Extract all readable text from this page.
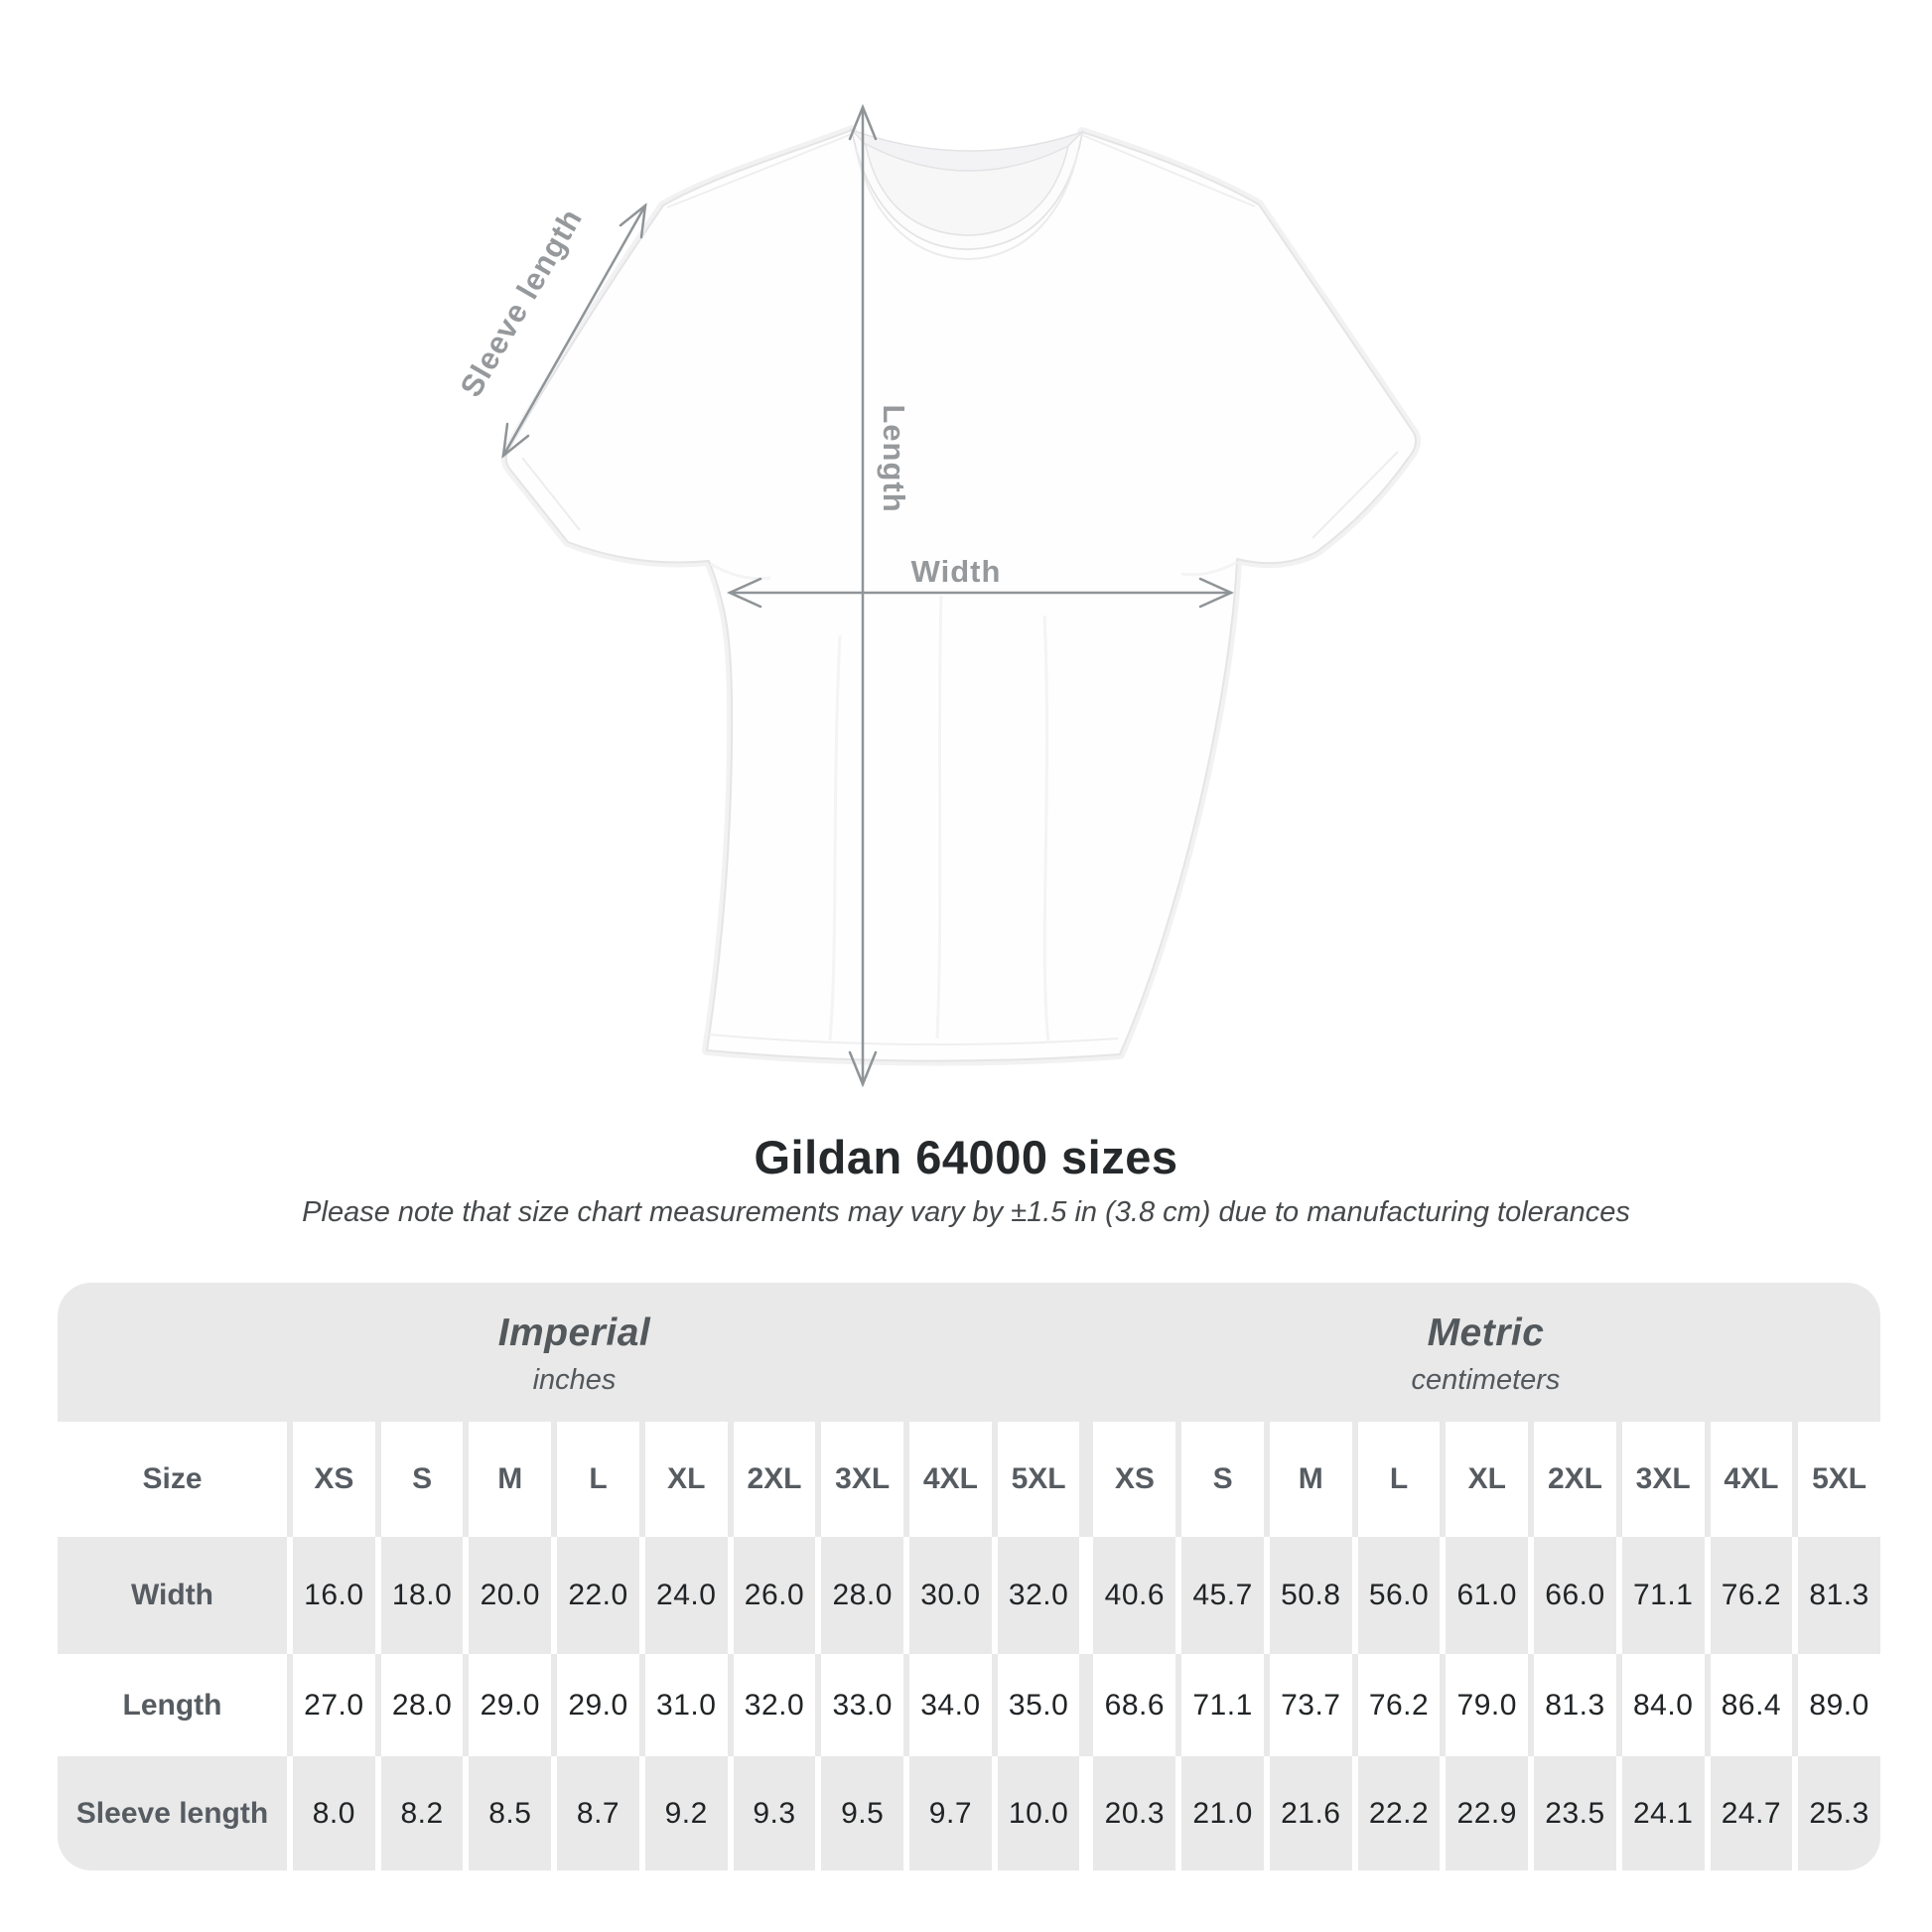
Sleeve length
Length
Width
Gildan 64000 sizes

Please note that size chart measurements may vary by ±1.5 in (3.8 cm) due to manufacturing tolerances

Imperial
inches
Metric
centimeters
Size	XS	S	M	L	XL	2XL	3XL	4XL	5XL	XS	S	M	L	XL	2XL	3XL	4XL	5XL
Width	16.0 18.0 20.0 22.0 24.0 26.0 28.0 30.0 32.0	40.6 45.7 50.8 56.0 61.0 66.0 71.1 76.2 81.3
Length	27.0 28.0 29.0 29.0 31.0 32.0 33.0 34.0 35.0	68.6 71.1 73.7 76.2 79.0 81.3 84.0 86.4 89.0
Sleeve length	8.0	8.2	8.5	8.7	9.2	9.3	9.5	9.7	10.0	20.3 21.0 21.6 22.2 22.9 23.5 24.1 24.7 25.3
